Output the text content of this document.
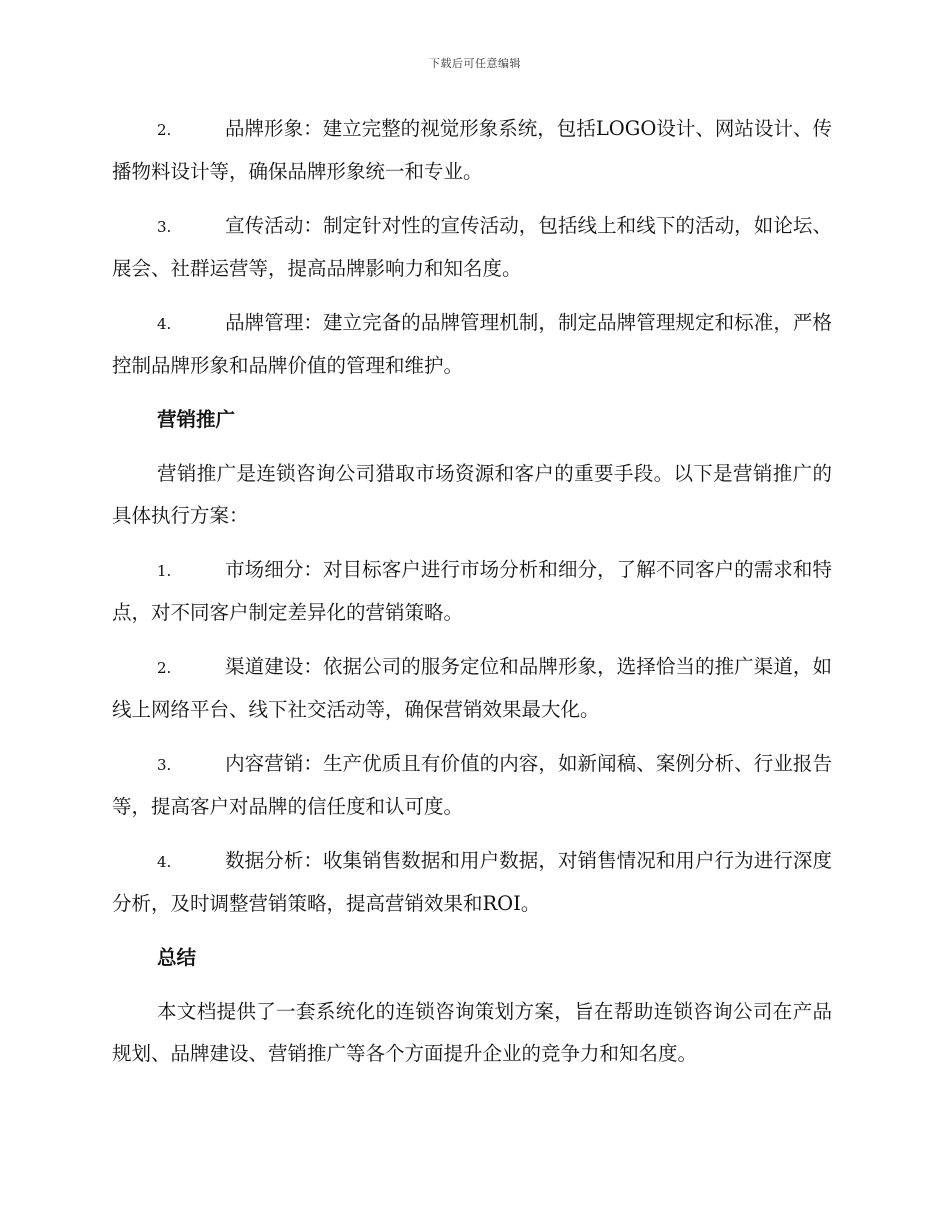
下载后可任意编辑

2.	品牌形象：建立完整的视觉形象系统，包括LOGO设计、网站设计、传播物料设计等，确保品牌形象统一和专业。

3.	宣传活动：制定针对性的宣传活动，包括线上和线下的活动，如论坛、展会、社群运营等，提高品牌影响力和知名度。

4.	品牌管理：建立完备的品牌管理机制，制定品牌管理规定和标准，严格控制品牌形象和品牌价值的管理和维护。

营销推广

营销推广是连锁咨询公司猎取市场资源和客户的重要手段。以下是营销推广的具体执行方案：

1.	市场细分：对目标客户进行市场分析和细分，了解不同客户的需求和特点，对不同客户制定差异化的营销策略。

2.	渠道建设：依据公司的服务定位和品牌形象，选择恰当的推广渠道，如线上网络平台、线下社交活动等，确保营销效果最大化。

3.	内容营销：生产优质且有价值的内容，如新闻稿、案例分析、行业报告等，提高客户对品牌的信任度和认可度。

4.	数据分析：收集销售数据和用户数据，对销售情况和用户行为进行深度分析，及时调整营销策略，提高营销效果和ROI。

总结

本文档提供了一套系统化的连锁咨询策划方案，旨在帮助连锁咨询公司在产品规划、品牌建设、营销推广等各个方面提升企业的竞争力和知名度。
